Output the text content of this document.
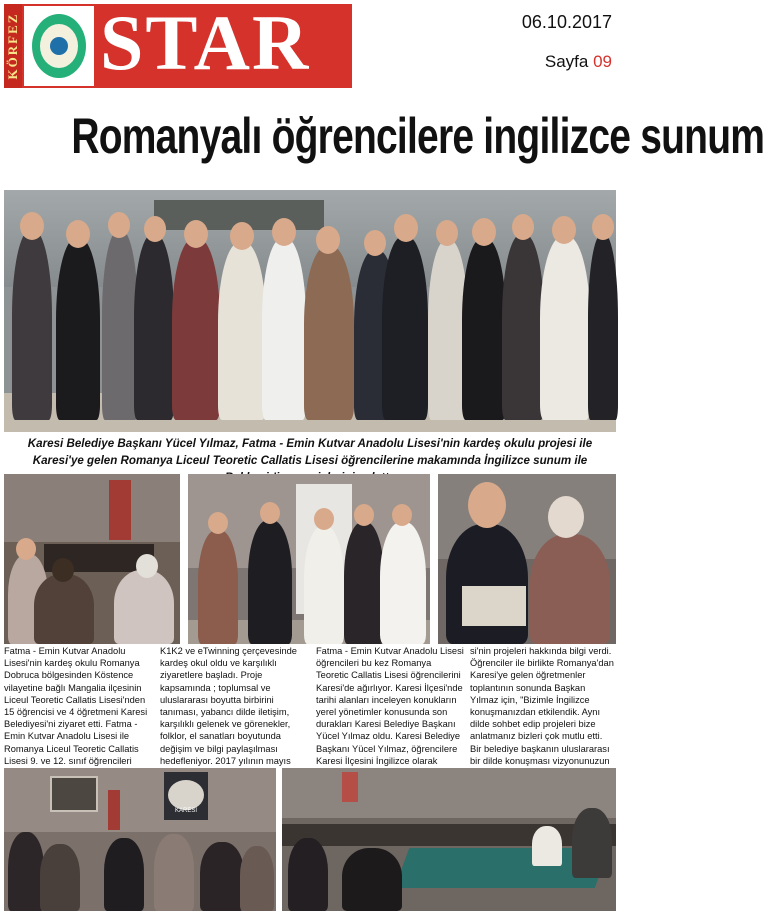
KÖRFEZ STAR	06.10.2017
Sayfa 09
Romanyalı öğrencilere ingilizce sunum
Karesi Belediye Başkanı Yücel Yılmaz, Fatma - Emin Kutvar Anadolu Lisesi'nin kardeş okulu projesi ile Karesi'ye gelen Romanya Liceul Teoretic Callatis Lisesi öğrencilerine makamında İngilizce sunum ile
Fatma - Emin Kutvar Anadolu Lisesi'nin kardeş okulu Romanya Dobruca bölgesinden Köstence vilayetine bağlı Mangalia ilçesinin Liceul Teoretic Callatis Lisesi'nden 15 öğrencisi ve 4 öğretmeni Karesi Belediyesi'ni ziyaret etti. Fatma - Emin Kutvar Anadolu Lisesi ile Romanya Liceul Teoretic Callatis Lisesi 9. ve 12. sınıf öğrencileri
K1K2 ve eTwinning çerçevesinde kardeş okul oldu ve karşılıklı ziyaretlere başladı. Proje kapsamında ; toplumsal ve uluslararası boyutta birbirini tanıması, yabancı dilde iletişim, karşılıklı gelenek ve görenekler, folklor, el sanatları boyutunda değişim ve bilgi paylaşılması hedefleniyor. 2017 yılının mayıs
Fatma - Emin Kutvar Anadolu Lisesi öğrencileri bu kez Romanya Teoretic Callatis Lisesi öğrencilerini Karesi'de ağırlıyor. Karesi İlçesi'nde tarihi alanları inceleyen konukların yerel yönetimler konusunda son durakları Karesi Belediye Başkanı Yücel Yılmaz oldu. Karesi Belediye Başkanı Yücel Yılmaz, öğrencilere Karesi İlçesini İngilizce olarak
si'nin projeleri hakkında bilgi verdi. Öğrenciler ile birlikte Romanya'dan Karesi'ye gelen öğretmenler toplantının sonunda Başkan Yılmaz için, "Bizimle İngilizce konuşmanızdan etkilendik. Aynı dilde sohbet edip projeleri bize anlatmanız bizleri çok mutlu etti. Bir belediye başkanın uluslararası bir dilde konuşması vizyonunuzun
KARESİ
